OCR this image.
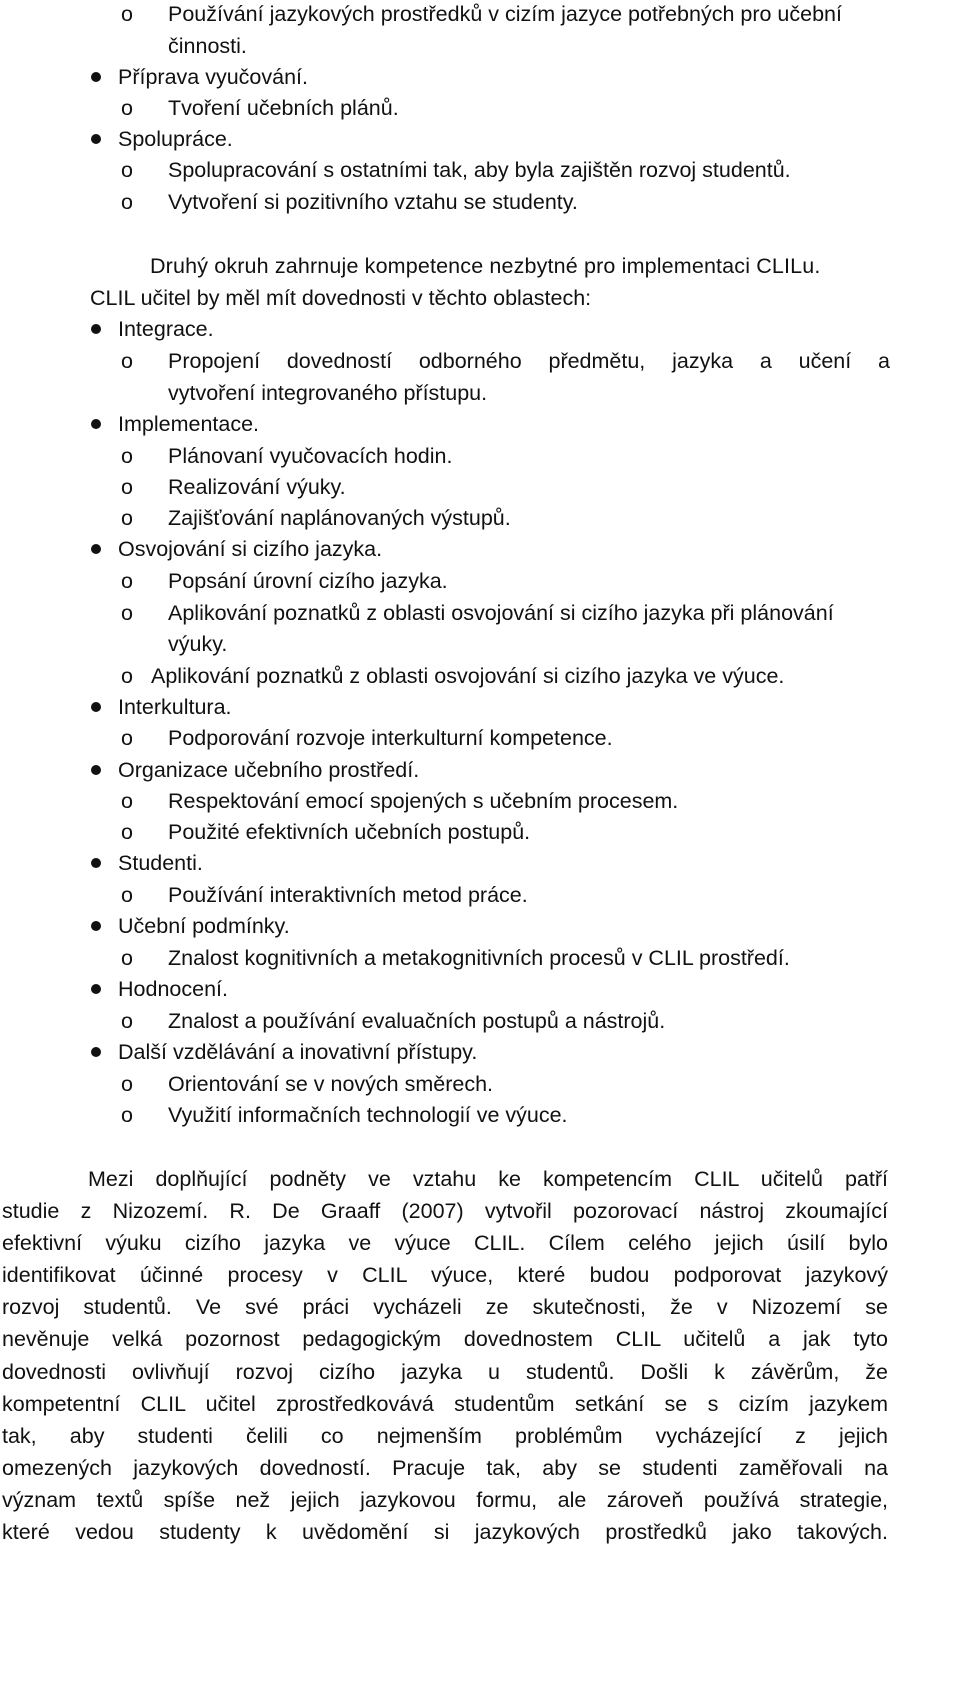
o Používání jazykových prostředků v cizím jazyce potřebných pro učební
činnosti.
Příprava vyučování.
o Tvoření učebních plánů.
Spolupráce.
o Spolupracování s ostatními tak, aby byla zajištěn rozvoj studentů.
o Vytvoření si pozitivního vztahu se studenty.
Druhý okruh zahrnuje kompetence nezbytné pro implementaci CLILu.
CLIL učitel by měl mít dovednosti v těchto oblastech:
Integrace.
o Propojení dovedností odborného předmětu, jazyka a učení a
vytvoření integrovaného přístupu.
Implementace.
o Plánovaní vyučovacích hodin.
o Realizování výuky.
o Zajišťování naplánovaných výstupů.
Osvojování si cizího jazyka.
o Popsání úrovní cizího jazyka.
o Aplikování poznatků z oblasti osvojování si cizího jazyka při plánování
výuky.
o Aplikování poznatků z oblasti osvojování si cizího jazyka ve výuce.
Interkultura.
o Podporování rozvoje interkulturní kompetence.
Organizace učebního prostředí.
o Respektování emocí spojených s učebním procesem.
o Použité efektivních učebních postupů.
Studenti.
o Používání interaktivních metod práce.
Učební podmínky.
o Znalost kognitivních a metakognitivních procesů v CLIL prostředí.
Hodnocení.
o Znalost a používání evaluačních postupů a nástrojů.
Další vzdělávání a inovativní přístupy.
o Orientování se v nových směrech.
o Využití informačních technologií ve výuce.
Mezi doplňující podněty ve vztahu ke kompetencím CLIL učitelů patří
studie z Nizozemí. R. De Graaff (2007) vytvořil pozorovací nástroj zkoumající
efektivní výuku cizího jazyka ve výuce CLIL. Cílem celého jejich úsilí bylo
identifikovat účinné procesy v CLIL výuce, které budou podporovat jazykový
rozvoj studentů. Ve své práci vycházeli ze skutečnosti, že v Nizozemí se
nevěnuje velká pozornost pedagogickým dovednostem CLIL učitelů a jak tyto
dovednosti ovlivňují rozvoj cizího jazyka u studentů. Došli k závěrům, že
kompetentní CLIL učitel zprostředkovává studentům setkání se s cizím jazykem
tak, aby studenti čelili co nejmenším problémům vycházející z jejich
omezených jazykových dovedností. Pracuje tak, aby se studenti zaměřovali na
význam textů spíše než jejich jazykovou formu, ale zároveň používá strategie,
které vedou studenty k uvědomění si jazykových prostředků jako takových.
